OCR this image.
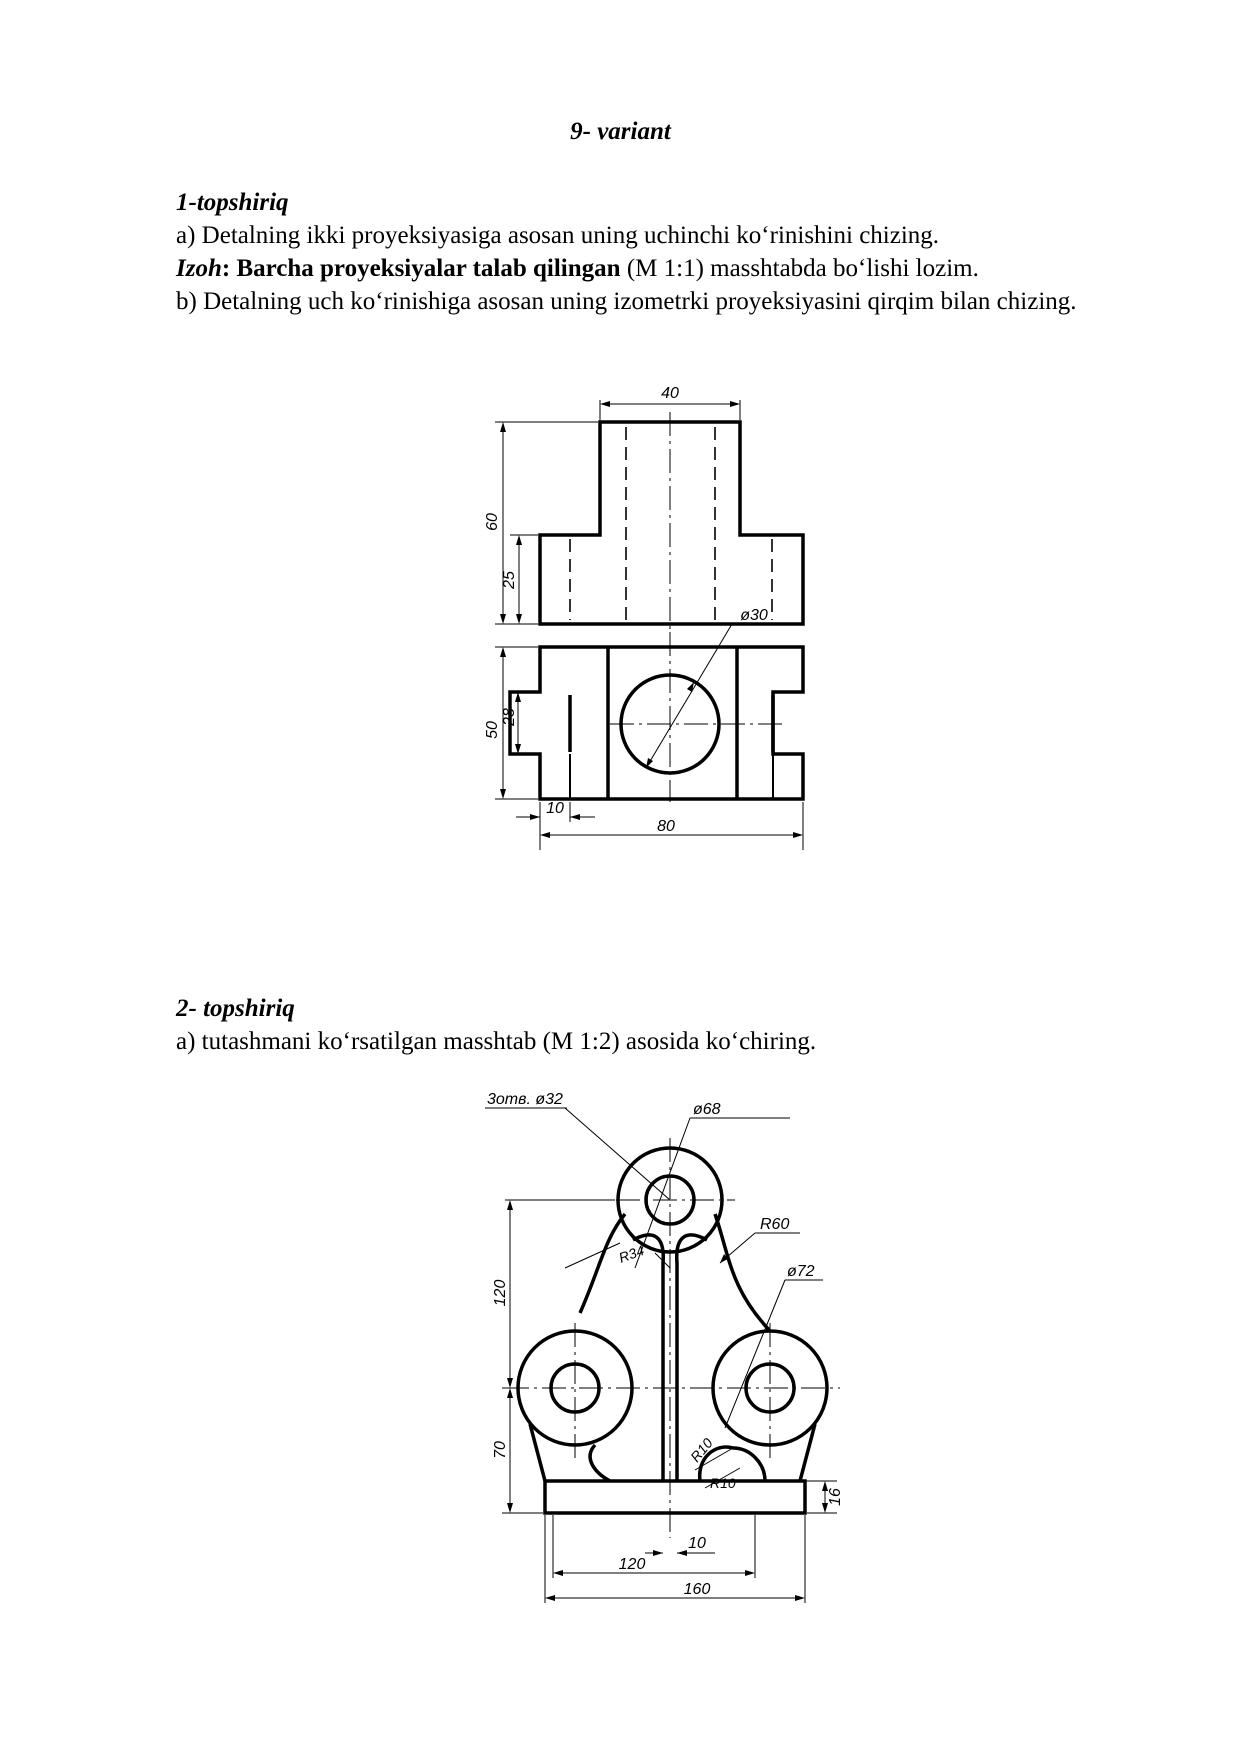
9- variant

1-topshiriq

a) Detalning ikki proyeksiyasiga asosan uning uchinchi ko‘rinishini chizing.

Izoh: Barcha proyeksiyalar talab qilingan (M 1:1) masshtabda bo‘lishi lozim.

b) Detalning uch ko‘rinishiga asosan uning izometrki proyeksiyasini qirqim bilan chizing.

40
60
25
ø30
50
28
10
80

2- topshiriq

a) tutashmani ko‘rsatilgan masshtab (M 1:2) asosida ko‘chiring.

3отв. ø32
ø68
R60
ø72
R34
R10
R10
120
70
10
120
160
16
